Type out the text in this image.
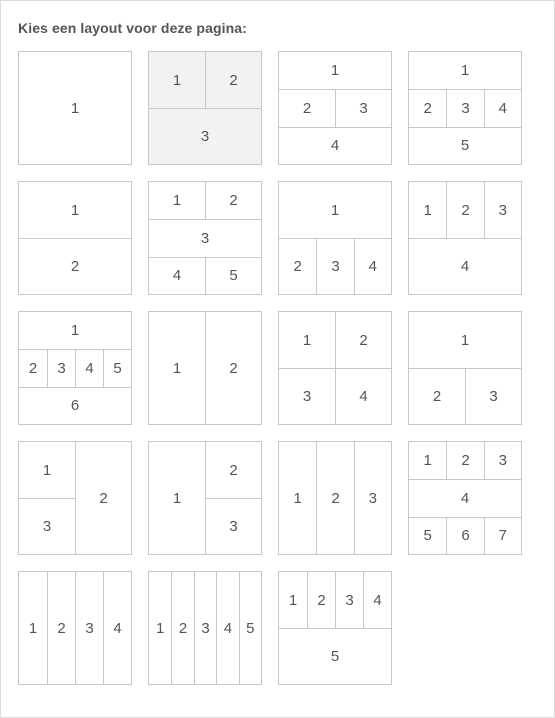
Kies een layout voor deze pagina:
1
1	2
3
1
2	3
4
1
2	3	4
5
1
2
1	2
3
4	5
1
2	3	4
1	2	3
4
1
2	3	4	5
6
1	2
1	2
3	4
1
2	3
1
2
3
1
2
3
1	2	3
1	2	3
4
5	6	7
1	2	3	4	1 2 3 4 5
1	2	3	4
5
